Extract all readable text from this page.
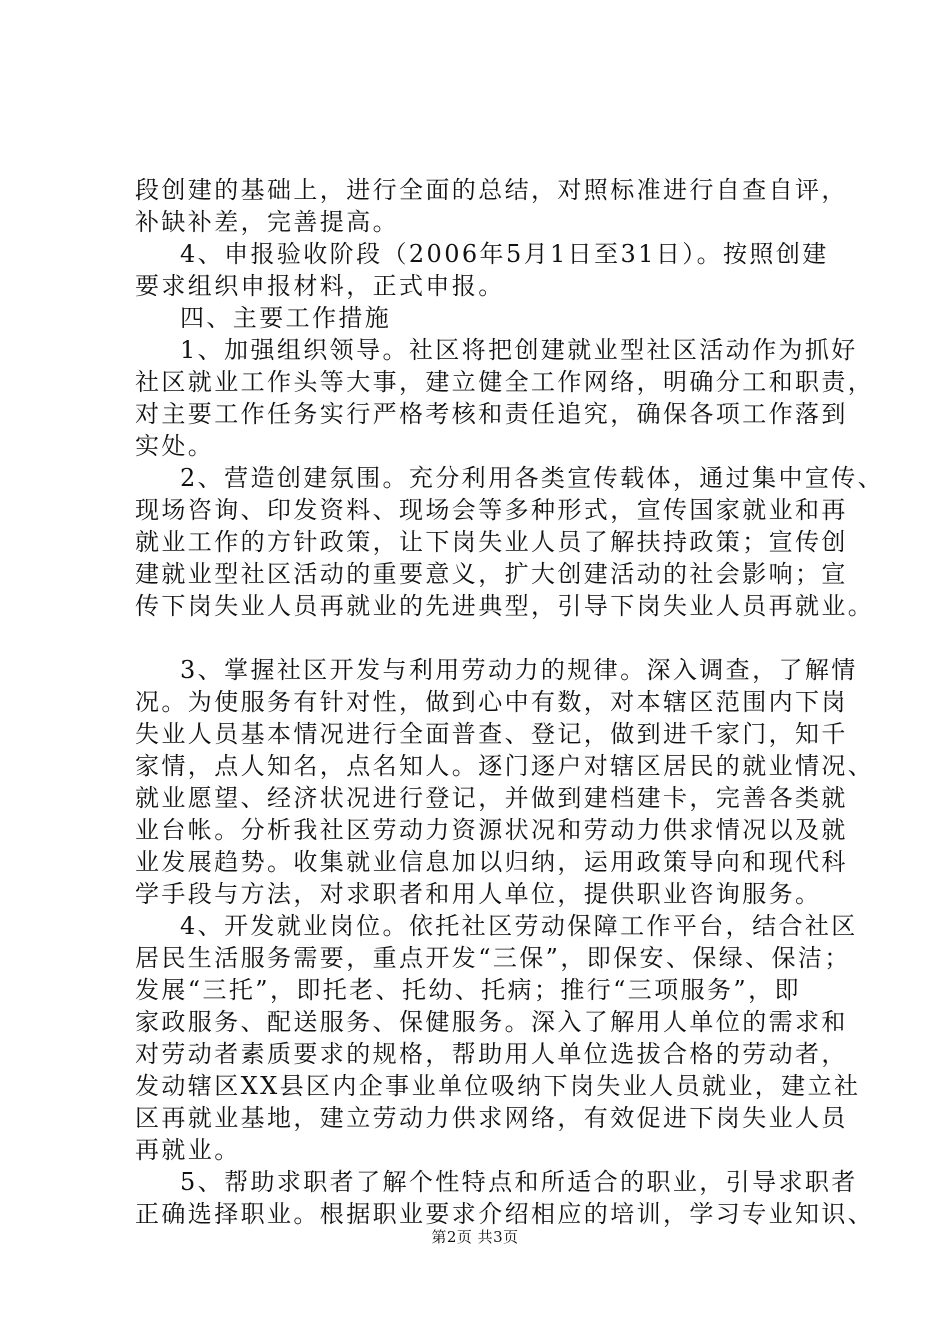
段创建的基础上，进行全面的总结，对照标准进行自查自评，
补缺补差，完善提高。
4、申报验收阶段（2006年5月1日至31日）。按照创建
要求组织申报材料，正式申报。
四、主要工作措施
1、加强组织领导。社区将把创建就业型社区活动作为抓好
社区就业工作头等大事，建立健全工作网络，明确分工和职责，
对主要工作任务实行严格考核和责任追究，确保各项工作落到
实处。
2、营造创建氛围。充分利用各类宣传载体，通过集中宣传、
现场咨询、印发资料、现场会等多种形式，宣传国家就业和再
就业工作的方针政策，让下岗失业人员了解扶持政策；宣传创
建就业型社区活动的重要意义，扩大创建活动的社会影响；宣
传下岗失业人员再就业的先进典型，引导下岗失业人员再就业。
3、掌握社区开发与利用劳动力的规律。深入调查，了解情
况。为使服务有针对性，做到心中有数，对本辖区范围内下岗
失业人员基本情况进行全面普查、登记，做到进千家门，知千
家情，点人知名，点名知人。逐门逐户对辖区居民的就业情况、
就业愿望、经济状况进行登记，并做到建档建卡，完善各类就
业台帐。分析我社区劳动力资源状况和劳动力供求情况以及就
业发展趋势。收集就业信息加以归纳，运用政策导向和现代科
学手段与方法，对求职者和用人单位，提供职业咨询服务。
4、开发就业岗位。依托社区劳动保障工作平台，结合社区
居民生活服务需要，重点开发“三保”，即保安、保绿、保洁；
发展“三托”，即托老、托幼、托病；推行“三项服务”，即
家政服务、配送服务、保健服务。深入了解用人单位的需求和
对劳动者素质要求的规格，帮助用人单位选拔合格的劳动者，
发动辖区XX县区内企事业单位吸纳下岗失业人员就业，建立社
区再就业基地，建立劳动力供求网络，有效促进下岗失业人员
再就业。
5、帮助求职者了解个性特点和所适合的职业，引导求职者
正确选择职业。根据职业要求介绍相应的培训，学习专业知识、
第2页 共3页
